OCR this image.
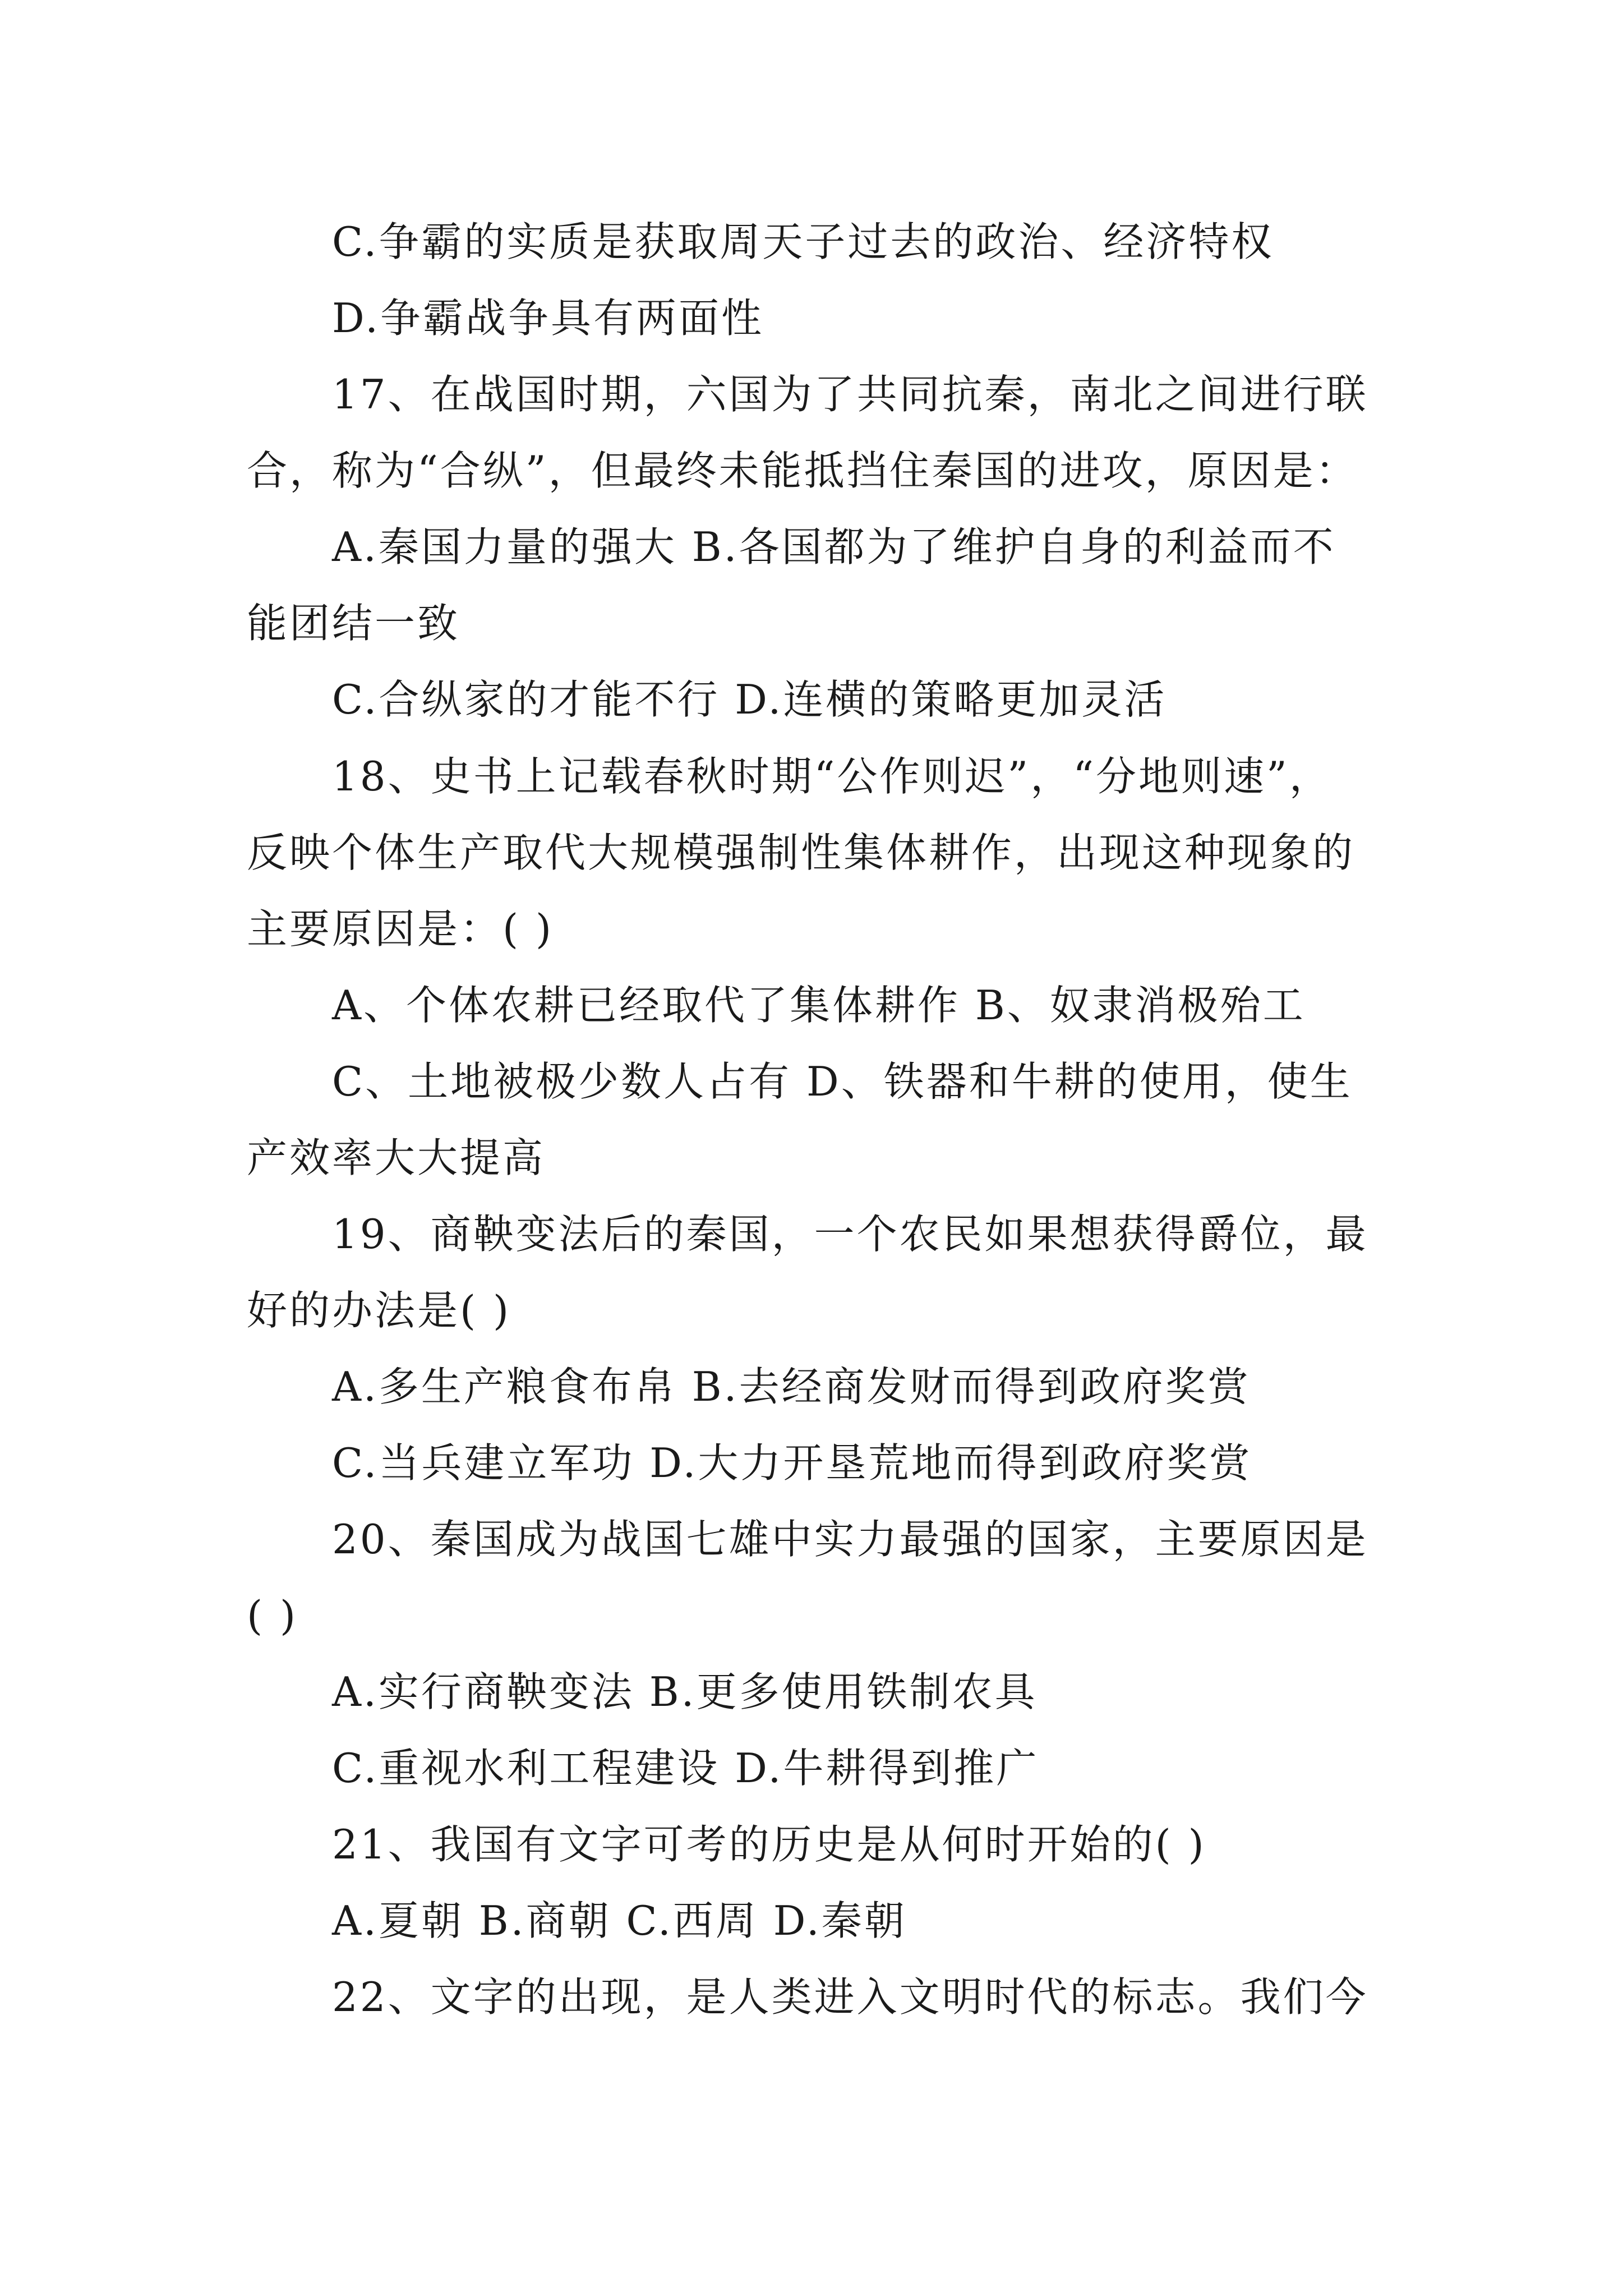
C.争霸的实质是获取周天子过去的政治、经济特权
D.争霸战争具有两面性
17、在战国时期，六国为了共同抗秦，南北之间进行联
合，称为“合纵”，但最终未能抵挡住秦国的进攻，原因是：
A.秦国力量的强大 B.各国都为了维护自身的利益而不
能团结一致
C.合纵家的才能不行 D.连横的策略更加灵活
18、史书上记载春秋时期“公作则迟”，“分地则速”，
反映个体生产取代大规模强制性集体耕作，出现这种现象的
主要原因是：( )
A、个体农耕已经取代了集体耕作 B、奴隶消极殆工
C、土地被极少数人占有 D、铁器和牛耕的使用，使生
产效率大大提高
19、商鞅变法后的秦国，一个农民如果想获得爵位，最
好的办法是( )
A.多生产粮食布帛 B.去经商发财而得到政府奖赏
C.当兵建立军功 D.大力开垦荒地而得到政府奖赏
20、秦国成为战国七雄中实力最强的国家，主要原因是
( )
A.实行商鞅变法 B.更多使用铁制农具
C.重视水利工程建设 D.牛耕得到推广
21、我国有文字可考的历史是从何时开始的( )
A.夏朝 B.商朝 C.西周 D.秦朝
22、文字的出现，是人类进入文明时代的标志。我们今
